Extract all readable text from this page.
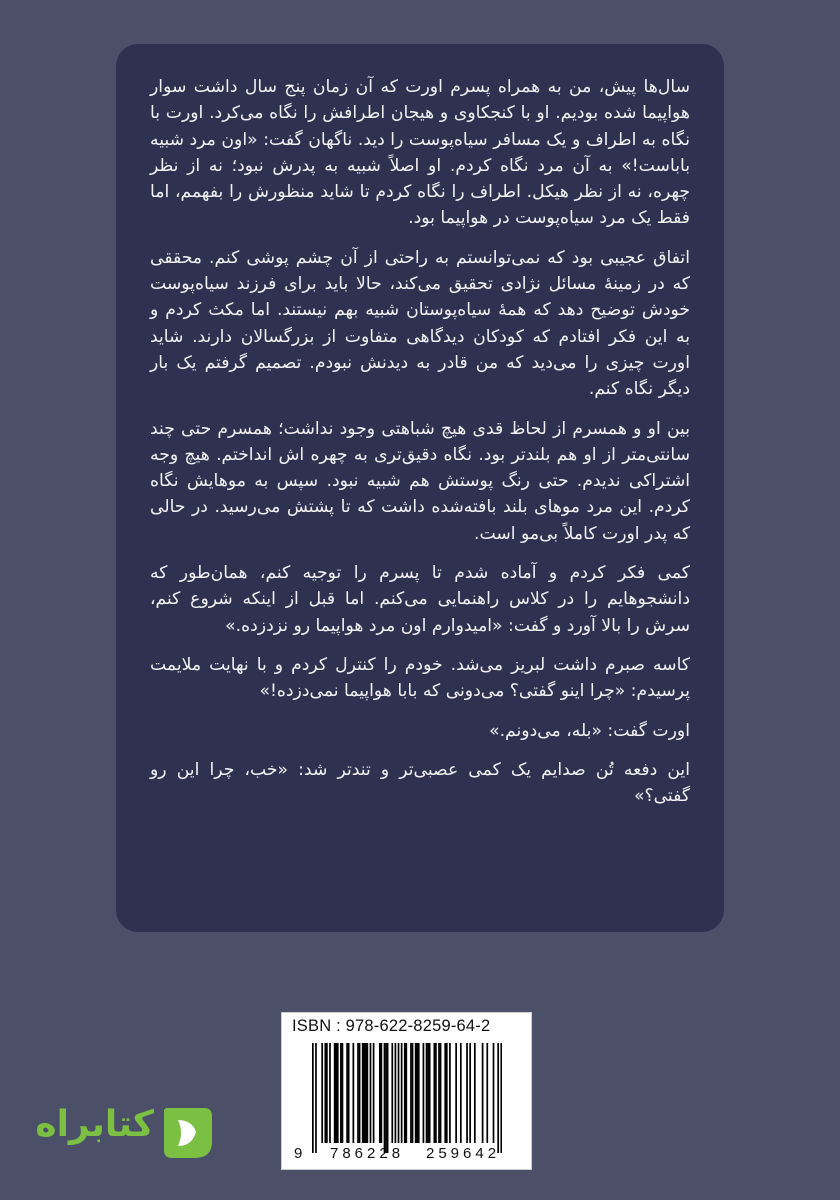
سال‌ها پیش، من به همراه پسرم اورت که آن زمان پنج سال داشت سوار هواپیما شده بودیم. او با کنجکاوی و هیجان اطرافش را نگاه می‌کرد. اورت با نگاه به اطراف و یک مسافر سیاه‌پوست را دید. ناگهان گفت: «اون مرد شبیه باباست!» به آن مرد نگاه کردم. او اصلاً شبیه به پدرش نبود؛ نه از نظر چهره، نه از نظر هیکل. اطراف را نگاه کردم تا شاید منظورش را بفهمم، اما فقط یک مرد سیاه‌پوست در هواپیما بود.

اتفاق عجیبی بود که نمی‌توانستم به راحتی از آن چشم پوشی کنم. محققی که در زمینهٔ مسائل نژادی تحقیق می‌کند، حالا باید برای فرزند سیاه‌پوست خودش توضیح دهد که همهٔ سیاه‌پوستان شبیه بهم نیستند. اما مکث کردم و به این فکر افتادم که کودکان دیدگاهی متفاوت از بزرگسالان دارند. شاید اورت چیزی را می‌دید که من قادر به دیدنش نبودم. تصمیم گرفتم یک بار دیگر نگاه کنم.

بین او و همسرم از لحاظ قدی هیچ شباهتی وجود نداشت؛ همسرم حتی چند سانتی‌متر از او هم بلندتر بود. نگاه دقیق‌تری به چهره اش انداختم. هیچ وجه اشتراکی ندیدم. حتی رنگ پوستش هم شبیه نبود. سپس به موهایش نگاه کردم. این مرد موهای بلند بافته‌شده داشت که تا پشتش می‌رسید. در حالی که پدر اورت کاملاً بی‌مو است.

کمی فکر کردم و آماده شدم تا پسرم را توجیه کنم، همان‌طور که دانشجوهایم را در کلاس راهنمایی می‌کنم. اما قبل از اینکه شروع کنم، سرش را بالا آورد و گفت: «امیدوارم اون مرد هواپیما رو نزدزده.»

کاسه صبرم داشت لبریز می‌شد. خودم را کنترل کردم و با نهایت ملایمت پرسیدم: «چرا اینو گفتی؟ می‌دونی که بابا هواپیما نمی‌دزده!»

اورت گفت: «بله، می‌دونم.»

این دفعه تُن صدایم یک کمی عصبی‌تر و تندتر شد: «خب، چرا این رو گفتی؟»

ISBN : 978-622-8259-64-2
9 786228 259642
کتابراه
